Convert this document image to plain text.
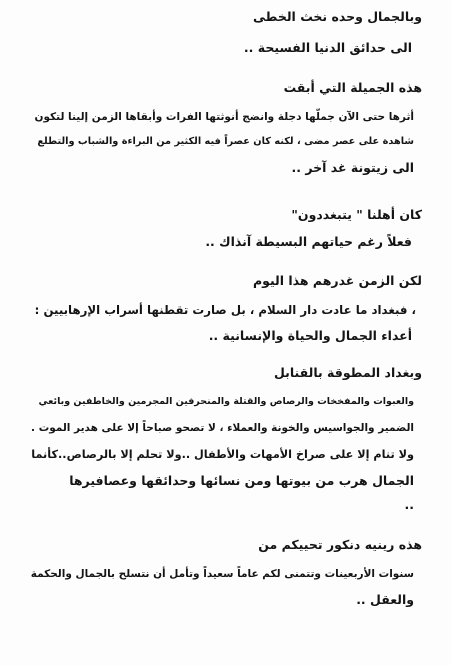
وبالجمال وحده نخث الخطى
الى حدائق الدنيا الفسيحة ..
هذه الجميلة التي أبقت
أثرها حتى الآن جملّها دجلة وانضج أنوثتها الفرات وأبقاها الزمن إلينا لتكون
شاهدة على عصر مضى ، لكنه كان عصراً فيه الكثير من البراءة والشباب والتطلع
الى زيتونة غد آخر ..
كان أهلنا " يتبغددون"
فعلاً رغم حياتهم البسيطة آنذاك ..
لكن الزمن غدرهم هذا اليوم
، فبغداد ما عادت دار السلام ، بل صارت تقطنها أسراب الإرهابيين :
أعداء الجمال والحياة والإنسانية ..
وبغداد المطوقة بالقنابل
والعبوات والمفخخات والرصاص والقتلة والمنحرفين المجرمين والخاطفين وبائعي
الضمير والجواسيس والخونة والعملاء ، لا تصحو صباحاً إلا على هدير الموت .
ولا تنام إلا على صراخ الأمهات والأطفال ..ولا تحلم إلا بالرصاص..كأنما
الجمال هرب من بيوتها ومن نسائها وحدائقها وعصافيرها
..
هذه رينيه دنكور تحييكم من
سنوات الأربعينات وتتمنى لكم عاماً سعيداً وتأمل أن نتسلح بالجمال والحكمة
والعقل ..
